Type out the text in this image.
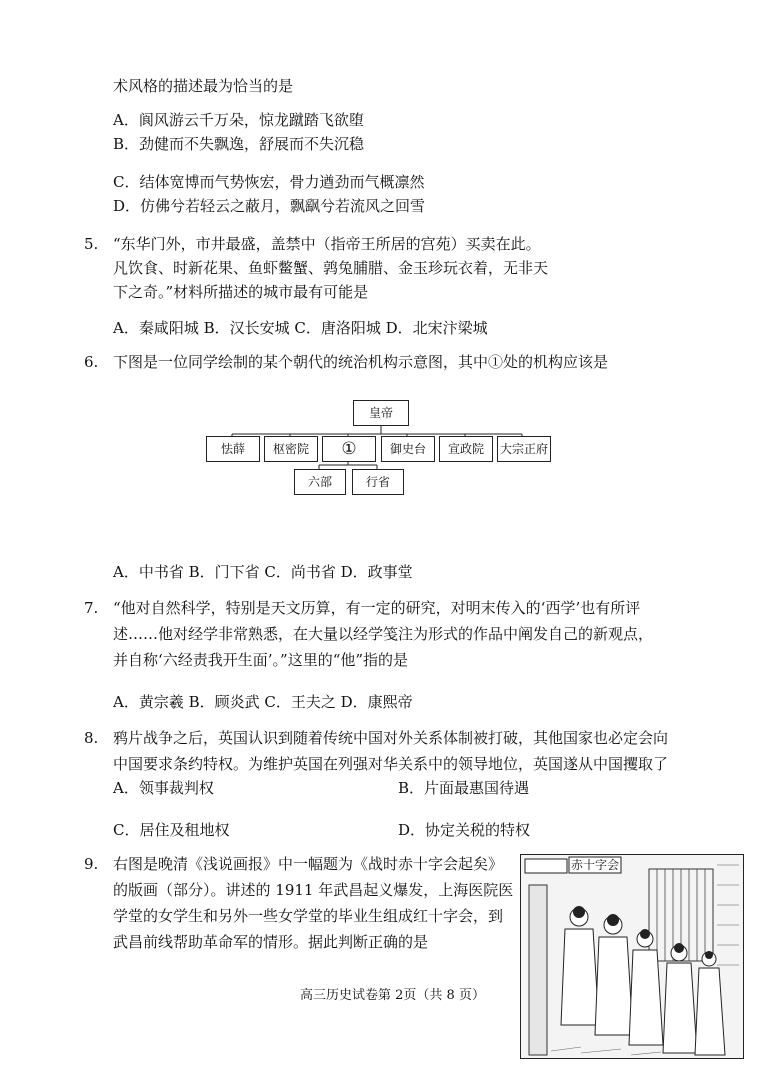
术风格的描述最为恰当的是
A．阆风游云千万朵，惊龙蹴踏飞欲堕
B．劲健而不失飘逸，舒展而不失沉稳
C．结体宽博而气势恢宏，骨力遒劲而气概凛然
D．仿佛兮若轻云之蔽月，飘飖兮若流风之回雪
5. “东华门外，市井最盛，盖禁中（指帝王所居的宫苑）买卖在此。
凡饮食、时新花果、鱼虾鳖蟹、鹑兔脯腊、金玉珍玩衣着，无非天
下之奇。”材料所描述的城市最有可能是
A．秦咸阳城 B．汉长安城 C．唐洛阳城 D．北宋汴梁城
6. 下图是一位同学绘制的某个朝代的统治机构示意图，其中①处的机构应该是
皇帝
怯薛	枢密院	①	御史台	宣政院	大宗正府
六部	行省
A．中书省 B．门下省 C．尚书省 D．政事堂
7. “他对自然科学，特别是天文历算，有一定的研究，对明末传入的‘西学’也有所评
述……他对经学非常熟悉，在大量以经学笺注为形式的作品中阐发自己的新观点，
并自称‘六经责我开生面’。”这里的“他”指的是
A．黄宗羲 B．顾炎武 C．王夫之 D．康熙帝
8. 鸦片战争之后，英国认识到随着传统中国对外关系体制被打破，其他国家也必定会向
中国要求条约特权。为维护英国在列强对华关系中的领导地位，英国遂从中国攫取了
A．领事裁判权	B．片面最惠国待遇
C．居住及租地权	D．协定关税的特权
9. 右图是晚清《浅说画报》中一幅题为《战时赤十字会起矣》
的版画（部分）。讲述的 1911 年武昌起义爆发，上海医院医
学堂的女学生和另外一些女学堂的毕业生组成红十字会，到
武昌前线帮助革命军的情形。据此判断正确的是
赤十字会
高三历史试卷第 2页（共 8 页）
